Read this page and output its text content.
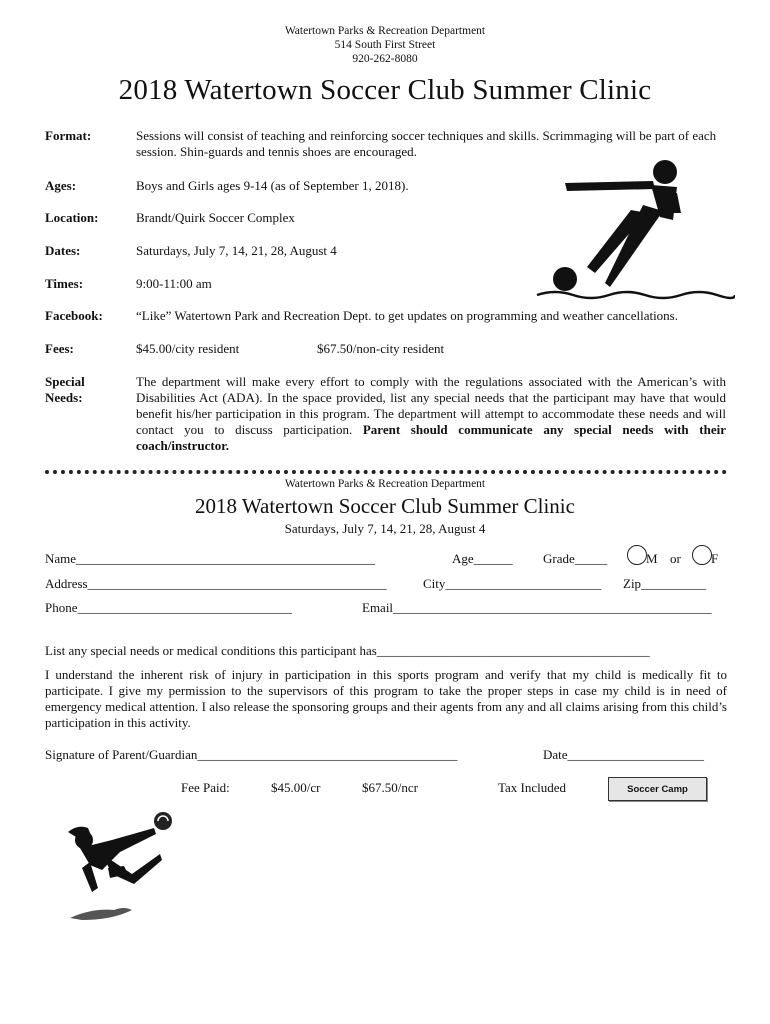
Watertown Parks & Recreation Department
514 South First Street
920-262-8080
2018 Watertown Soccer Club Summer Clinic
Format:	Sessions will consist of teaching and reinforcing soccer techniques and skills. Scrimmaging will be part of each session. Shin-guards and tennis shoes are encouraged.
Ages:	Boys and Girls ages 9-14 (as of September 1, 2018).
Location:	Brandt/Quirk Soccer Complex
Dates:	Saturdays, July 7, 14, 21, 28, August 4
Times:	9:00-11:00 am
Facebook:	“Like” Watertown Park and Recreation Dept. to get updates on programming and weather cancellations.
Fees:	$45.00/city resident	$67.50/non-city resident
Special
Needs:
The department will make every effort to comply with the regulations associated with the American’s with Disabilities Act (ADA). In the space provided, list any special needs that the participant may have that would benefit his/her participation in this program. The department will attempt to accommodate these needs and will contact you to discuss participation. Parent should communicate any special needs with their coach/instructor.
Watertown Parks & Recreation Department
2018 Watertown Soccer Club Summer Clinic
Saturdays, July 7, 14, 21, 28, August 4
Name______________________________________________	Age______ Grade_____	M or F
Address______________________________________________	City________________________ Zip__________
Phone_________________________________	Email_________________________________________________
List any special needs or medical conditions this participant has__________________________________________
I understand the inherent risk of injury in participation in this sports program and verify that my child is medically fit to participate. I give my permission to the supervisors of this program to take the proper steps in case my child is in need of emergency medical attention. I also release the sponsoring groups and their agents from any and all claims arising from this child’s participation in this activity.
Signature of Parent/Guardian________________________________________	Date_____________________
Fee Paid:	$45.00/cr	$67.50/ncr	Tax Included	Soccer Camp
